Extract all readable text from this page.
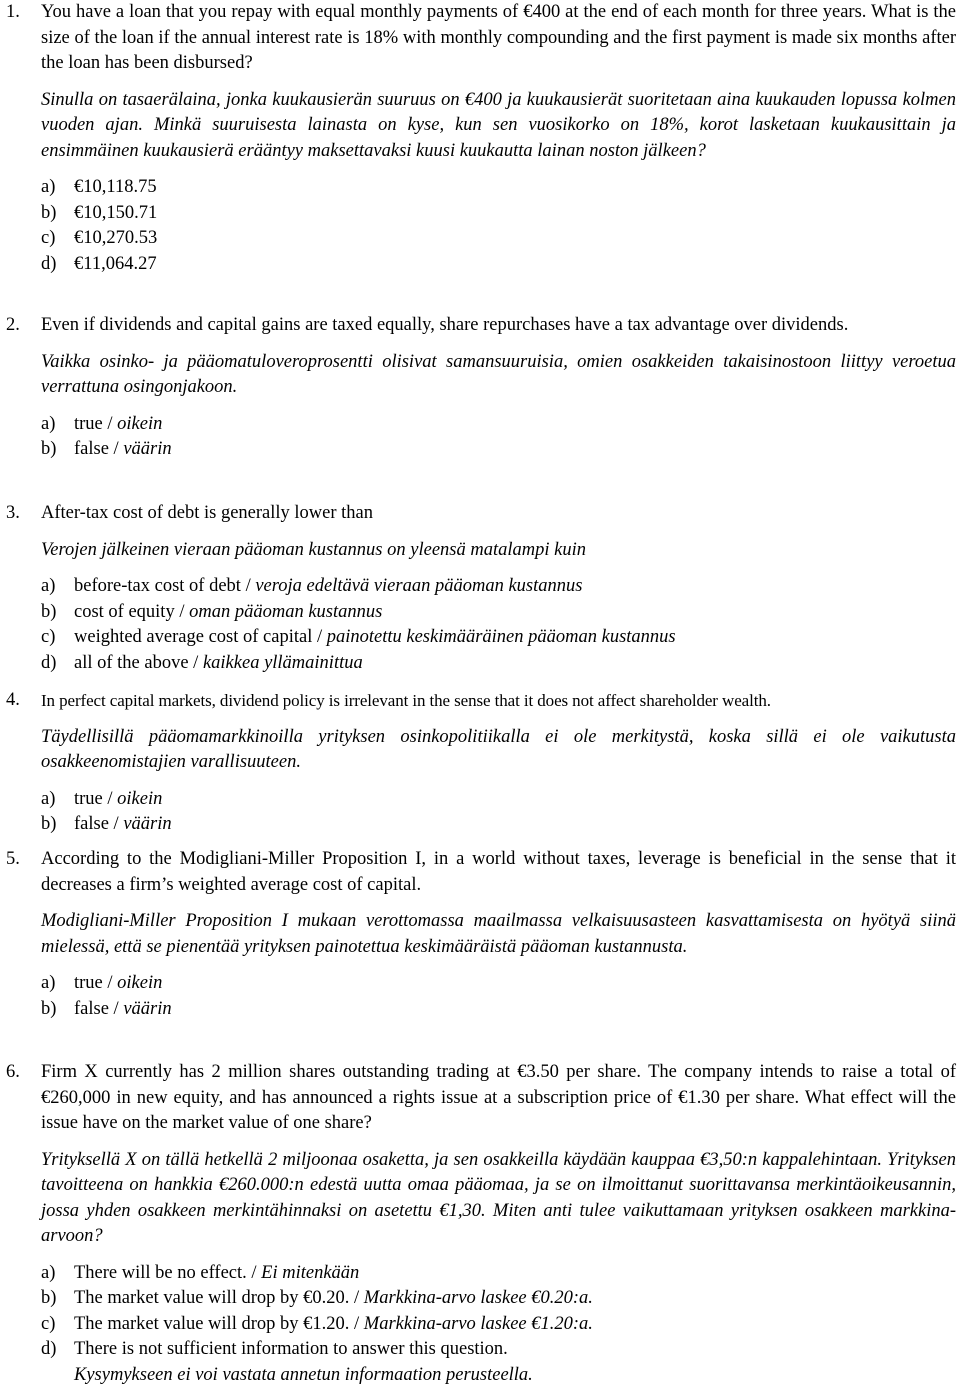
1. You have a loan that you repay with equal monthly payments of €400 at the end of each month for three years. What is the size of the loan if the annual interest rate is 18% with monthly compounding and the first payment is made six months after the loan has been disbursed?
Sinulla on tasaerälaina, jonka kuukausierän suuruus on €400 ja kuukausierät suoritetaan aina kuukauden lopussa kolmen vuoden ajan. Minkä suuruisesta lainasta on kyse, kun sen vuosikorko on 18%, korot lasketaan kuukausittain ja ensimmäinen kuukausierä erääntyy maksettavaksi kuusi kuukautta lainan noston jälkeen?
a) €10,118.75
b) €10,150.71
c) €10,270.53
d) €11,064.27
2. Even if dividends and capital gains are taxed equally, share repurchases have a tax advantage over dividends.
Vaikka osinko- ja pääomatuloveroprosentti olisivat samansuuruisia, omien osakkeiden takaisinostoon liittyy veroetua verrattuna osingonjakoon.
a) true / oikein
b) false / väärin
3. After-tax cost of debt is generally lower than
Verojen jälkeinen vieraan pääoman kustannus on yleensä matalampi kuin
a) before-tax cost of debt / veroja edeltävä vieraan pääoman kustannus
b) cost of equity / oman pääoman kustannus
c) weighted average cost of capital / painotettu keskimääräinen pääoman kustannus
d) all of the above / kaikkea yllämainittua
4. In perfect capital markets, dividend policy is irrelevant in the sense that it does not affect shareholder wealth.
Täydellisillä pääomamarkkinoilla yrityksen osinkopolitiikalla ei ole merkitystä, koska sillä ei ole vaikutusta osakkeenomistajien varallisuuteen.
a) true / oikein
b) false / väärin
5. According to the Modigliani-Miller Proposition I, in a world without taxes, leverage is beneficial in the sense that it decreases a firm’s weighted average cost of capital.
Modigliani-Miller Proposition I mukaan verottomassa maailmassa velkaisuusasteen kasvattamisesta on hyötyä siinä mielessä, että se pienentää yrityksen painotettua keskimääräistä pääoman kustannusta.
a) true / oikein
b) false / väärin
6. Firm X currently has 2 million shares outstanding trading at €3.50 per share. The company intends to raise a total of €260,000 in new equity, and has announced a rights issue at a subscription price of €1.30 per share. What effect will the issue have on the market value of one share?
Yrityksellä X on tällä hetkellä 2 miljoonaa osaketta, ja sen osakkeilla käydään kauppaa €3,50:n kappalehintaan. Yrityksen tavoitteena on hankkia €260.000:n edestä uutta omaa pääomaa, ja se on ilmoittanut suorittavansa merkintäoikeusannin, jossa yhden osakkeen merkintähinnaksi on asetettu €1,30. Miten anti tulee vaikuttamaan yrityksen osakkeen markkina-arvoon?
a) There will be no effect. / Ei mitenkään
b) The market value will drop by €0.20. / Markkina-arvo laskee €0.20:a.
c) The market value will drop by €1.20. / Markkina-arvo laskee €1.20:a.
d) There is not sufficient information to answer this question.
Kysymykseen ei voi vastata annetun informaation perusteella.
